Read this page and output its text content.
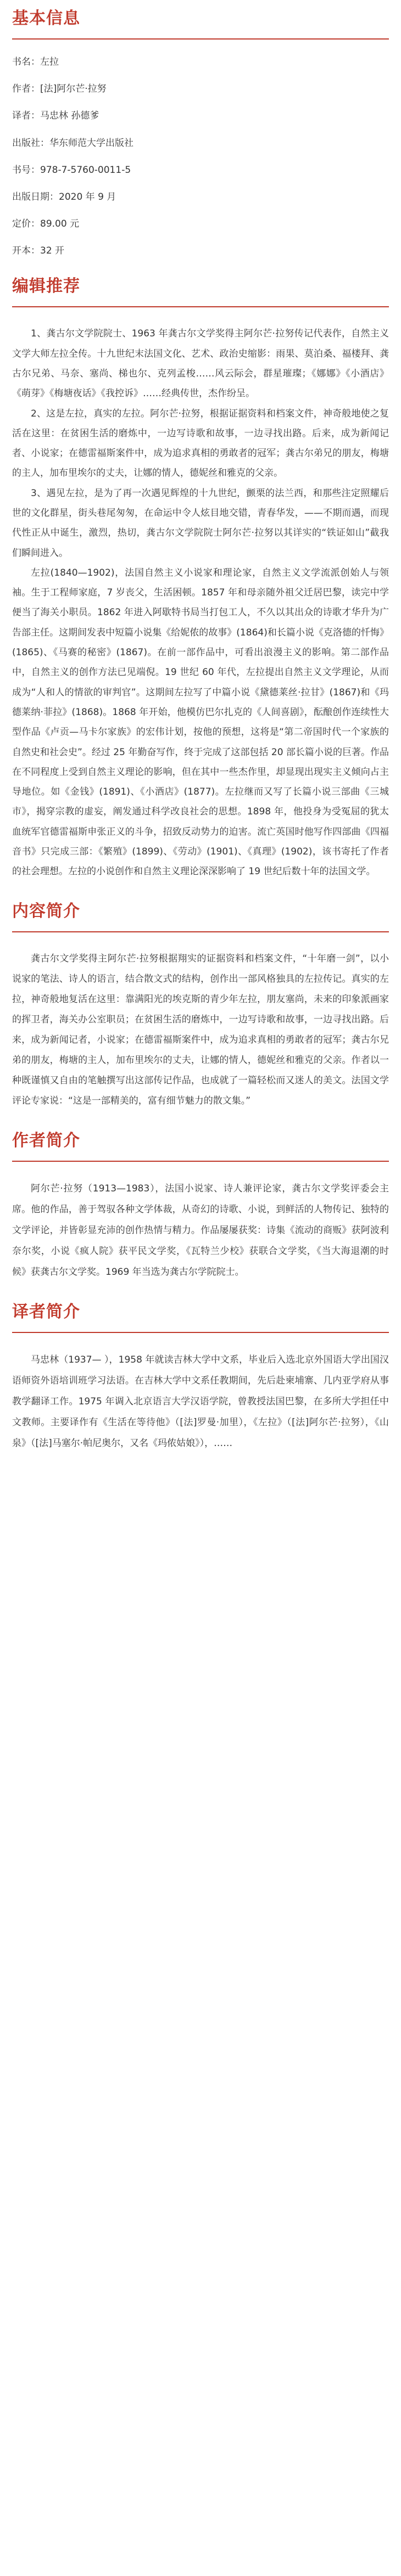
基本信息
书名：左拉
作者：[法]阿尔芒·拉努
译者：马忠林 孙德爹
出版社：华东师范大学出版社
书号：978-7-5760-0011-5
出版日期：2020 年 9 月
定价：89.00 元
开本：32 开
编辑推荐

1、龚古尔文学院院士、1963 年龚古尔文学奖得主阿尔芒·拉努传记代表作，自然主义文学大师左拉全传。十九世纪末法国文化、艺术、政治史缩影：雨果、莫泊桑、福楼拜、龚古尔兄弟、马奈、塞尚、梯也尔、克列孟梭……风云际会，群星璀璨；《娜娜》《小酒店》《萌芽》《梅塘夜话》《我控诉》……经典传世，杰作纷呈。

2、这是左拉，真实的左拉。阿尔芒·拉努，根据证据资料和档案文件，神奇般地使之复活在这里：在贫困生活的磨炼中，一边写诗歌和故事，一边寻找出路。后来，成为新闻记者、小说家；在德雷福斯案件中，成为追求真相的勇敢者的冠军；龚古尔弟兄的朋友，梅塘的主人，加布里埃尔的丈夫，让娜的情人，德妮丝和雅克的父亲。

3、遇见左拉，是为了再一次遇见辉煌的十九世纪，颤栗的法兰西，和那些注定照耀后世的文化群星，街头巷尾匆匆，在命运中令人炫目地交错，青春华发，——不期而遇，而现代性正从中诞生，激烈，热切，龚古尔文学院院士阿尔芒·拉努以其详实的“铁证如山”截我们瞬间进入。

左拉(1840—1902)，法国自然主义小说家和理论家，自然主义文学流派创始人与领袖。生于工程师家庭，7 岁丧父，生活困顿。1857 年和母亲随外祖父迁居巴黎，读完中学便当了海关小职员。1862 年进入阿歇特书局当打包工人，不久以其出众的诗歌才华升为广告部主任。这期间发表中短篇小说集《给妮侬的故事》(1864)和长篇小说《克洛德的忏悔》(1865)、《马赛的秘密》(1867)。在前一部作品中，可看出浪漫主义的影响。第二部作品中，自然主义的创作方法已见端倪。19 世纪 60 年代，左拉提出自然主义文学理论，从而成为“人和人的情欲的审判官”。这期间左拉写了中篇小说《黛德莱丝·拉甘》(1867)和《玛德莱纳·菲拉》(1868)。1868 年开始，他模仿巴尔扎克的《人间喜剧》，酝酿创作连续性大型作品《卢贡—马卡尔家族》的宏伟计划，按他的预想，这将是“第二帝国时代一个家族的自然史和社会史”。经过 25 年勤奋写作，终于完成了这部包括 20 部长篇小说的巨著。作品在不同程度上受到自然主义理论的影响，但在其中一些杰作里，却显现出现实主义倾向占主导地位。如《金钱》(1891)、《小酒店》(1877)。左拉继而又写了长篇小说三部曲《三城市》，揭穿宗教的虚妄，阐发通过科学改良社会的思想。1898 年，他投身为受冤屈的犹太血统军官德雷福斯申张正义的斗争，招致反动势力的迫害。流亡英国时他写作四部曲《四福音书》只完成三部：《繁殖》(1899)、《劳动》(1901)、《真理》(1902)，该书寄托了作者的社会理想。左拉的小说创作和自然主义理论深深影响了 19 世纪后数十年的法国文学。

内容简介

龚古尔文学奖得主阿尔芒·拉努根据翔实的证据资料和档案文件，“十年磨一剑”，以小说家的笔法、诗人的语言，结合散文式的结构，创作出一部风格独具的左拉传记。真实的左拉，神奇般地复活在这里：靠满阳光的埃克斯的青少年左拉，朋友塞尚，未来的印象派画家的挥卫者，海关办公室职员；在贫困生活的磨炼中，一边写诗歌和故事，一边寻找出路。后来，成为新闻记者，小说家；在德雷福斯案件中，成为追求真相的勇敢者的冠军；龚古尔兄弟的朋友，梅塘的主人，加布里埃尔的丈夫，让娜的情人，德妮丝和雅克的父亲。作者以一种既谨慎又自由的笔触撰写出这部传记作品，也成就了一篇轻松而又迷人的美文。法国文学评论专家说：“这是一部精美的，富有细节魅力的散文集。”

作者简介

阿尔芒·拉努（1913—1983），法国小说家、诗人兼评论家，龚古尔文学奖评委会主席。他的作品，善于驾驭各种文学体裁，从奇幻的诗歌、小说，到鲜活的人物传记、独特的文学评论，并皆彰显充沛的创作热情与精力。作品屡屡获奖：诗集《流动的商贩》获阿波利奈尔奖，小说《疯人院》获平民文学奖，《瓦特兰少校》获联合文学奖，《当大海退潮的时候》获龚古尔文学奖。1969 年当选为龚古尔学院院士。

译者简介

马忠林（1937— ），1958 年就读吉林大学中文系，毕业后入选北京外国语大学出国汉语师资外语培训班学习法语。在吉林大学中文系任教期间，先后赴柬埔寨、几内亚学府从事教学翻译工作。1975 年调入北京语言大学汉语学院，曾教授法国巴黎，在多所大学担任中文教师。主要译作有《生活在等待他》（[法]罗曼·加里），《左拉》（[法]阿尔芒·拉努），《山泉》（[法]马塞尔·帕尼奥尔，又名《玛侬姑娘》），……
